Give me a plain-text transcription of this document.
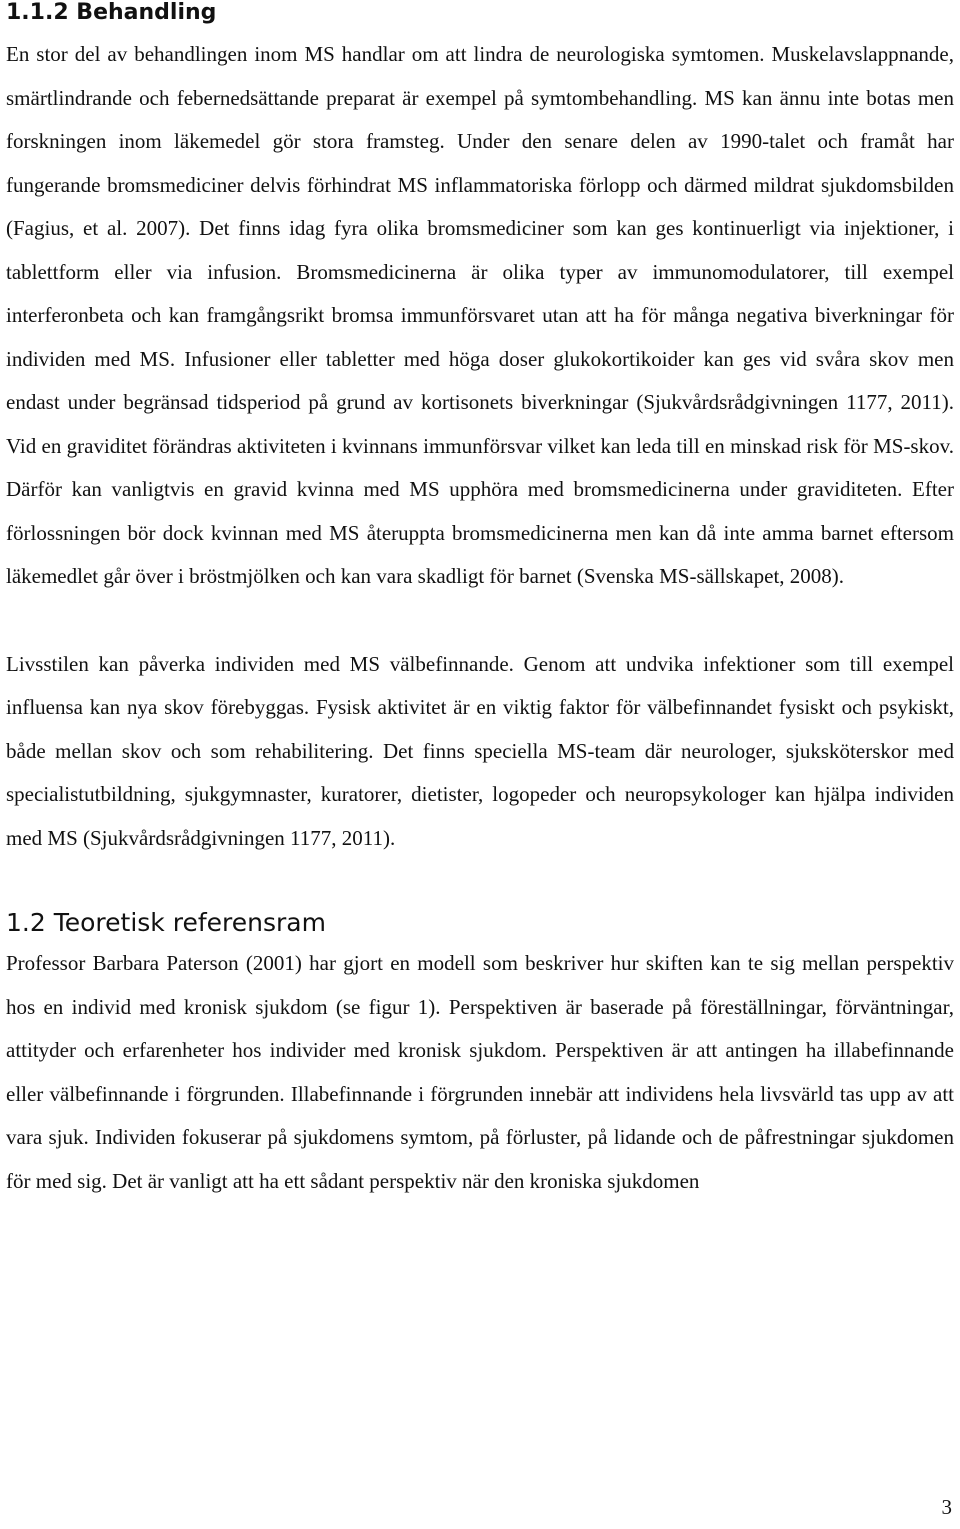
1.1.2 Behandling

En stor del av behandlingen inom MS handlar om att lindra de neurologiska symtomen. Muskelavslappnande, smärtlindrande och febernedsättande preparat är exempel på symtombehandling. MS kan ännu inte botas men forskningen inom läkemedel gör stora framsteg. Under den senare delen av 1990-talet och framåt har fungerande bromsmediciner delvis förhindrat MS inflammatoriska förlopp och därmed mildrat sjukdomsbilden (Fagius, et al. 2007). Det finns idag fyra olika bromsmediciner som kan ges kontinuerligt via injektioner, i tablettform eller via infusion. Bromsmedicinerna är olika typer av immunomodulatorer, till exempel interferonbeta och kan framgångsrikt bromsa immunförsvaret utan att ha för många negativa biverkningar för individen med MS. Infusioner eller tabletter med höga doser glukokortikoider kan ges vid svåra skov men endast under begränsad tidsperiod på grund av kortisonets biverkningar (Sjukvårdsrådgivningen 1177, 2011). Vid en graviditet förändras aktiviteten i kvinnans immunförsvar vilket kan leda till en minskad risk för MS-skov. Därför kan vanligtvis en gravid kvinna med MS upphöra med bromsmedicinerna under graviditeten. Efter förlossningen bör dock kvinnan med MS återuppta bromsmedicinerna men kan då inte amma barnet eftersom läkemedlet går över i bröstmjölken och kan vara skadligt för barnet (Svenska MS-sällskapet, 2008).

Livsstilen kan påverka individen med MS välbefinnande. Genom att undvika infektioner som till exempel influensa kan nya skov förebyggas. Fysisk aktivitet är en viktig faktor för välbefinnandet fysiskt och psykiskt, både mellan skov och som rehabilitering. Det finns speciella MS-team där neurologer, sjuksköterskor med specialistutbildning, sjukgymnaster, kuratorer, dietister, logopeder och neuropsykologer kan hjälpa individen med MS (Sjukvårdsrådgivningen 1177, 2011).

1.2 Teoretisk referensram

Professor Barbara Paterson (2001) har gjort en modell som beskriver hur skiften kan te sig mellan perspektiv hos en individ med kronisk sjukdom (se figur 1). Perspektiven är baserade på föreställningar, förväntningar, attityder och erfarenheter hos individer med kronisk sjukdom. Perspektiven är att antingen ha illabefinnande eller välbefinnande i förgrunden. Illabefinnande i förgrunden innebär att individens hela livsvärld tas upp av att vara sjuk. Individen fokuserar på sjukdomens symtom, på förluster, på lidande och de påfrestningar sjukdomen för med sig. Det är vanligt att ha ett sådant perspektiv när den kroniska sjukdomen

3
